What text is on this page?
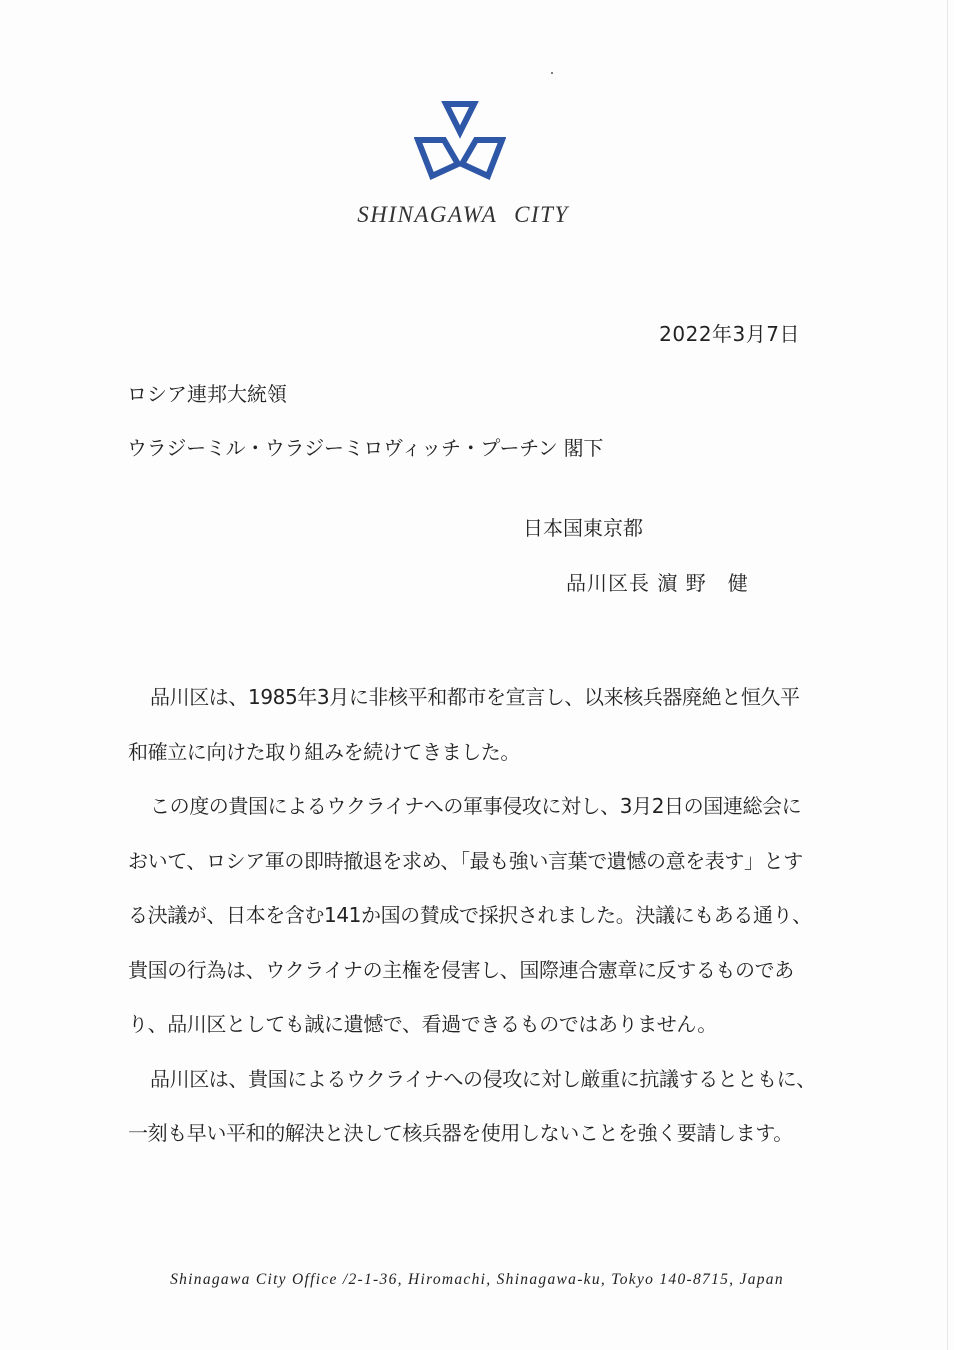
SHINAGAWA CITY
2022年3月7日
ロシア連邦大統領
ウラジーミル・ウラジーミロヴィッチ・プーチン 閣下
日本国東京都
品川区長 濵 野　健

品川区は、1985年3月に非核平和都市を宣言し、以来核兵器廃絶と恒久平和確立に向けた取り組みを続けてきました。

この度の貴国によるウクライナへの軍事侵攻に対し、3月2日の国連総会において、ロシア軍の即時撤退を求め、「最も強い言葉で遺憾の意を表す」とする決議が、日本を含む141か国の賛成で採択されました。決議にもある通り、貴国の行為は、ウクライナの主権を侵害し、国際連合憲章に反するものであり、品川区としても誠に遺憾で、看過できるものではありません。

品川区は、貴国によるウクライナへの侵攻に対し厳重に抗議するとともに、一刻も早い平和的解決と決して核兵器を使用しないことを強く要請します。

Shinagawa City Office /2-1-36, Hiromachi, Shinagawa-ku, Tokyo 140-8715, Japan
